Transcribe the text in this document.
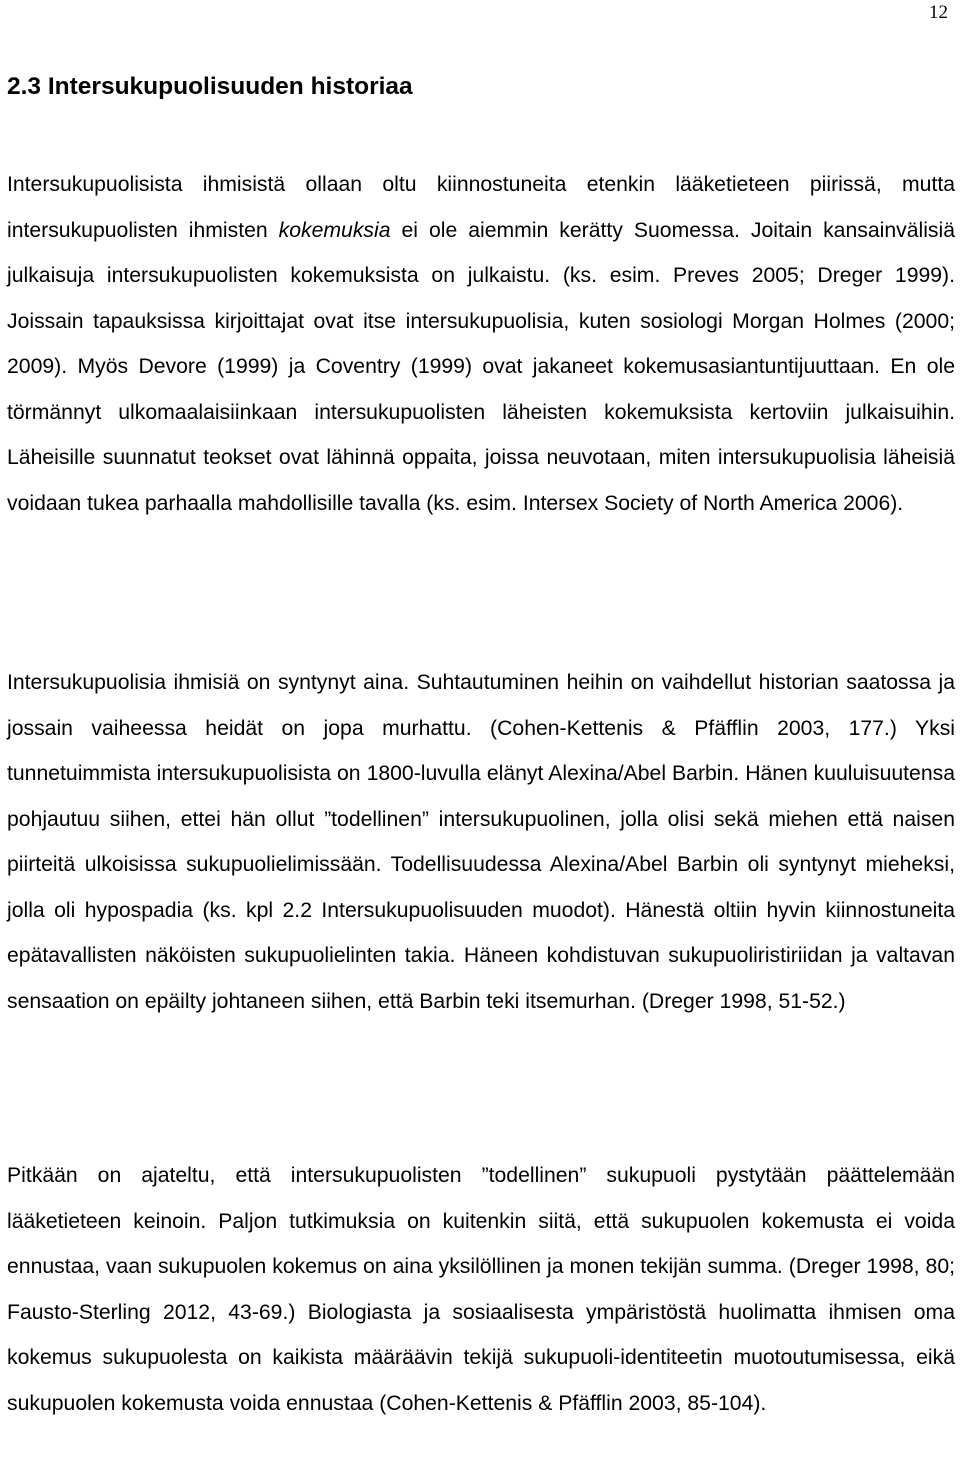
12
2.3 Intersukupuolisuuden historiaa

Intersukupuolisista ihmisistä ollaan oltu kiinnostuneita etenkin lääketieteen piirissä, mutta intersukupuolisten ihmisten kokemuksia ei ole aiemmin kerätty Suomessa. Joitain kansainvälisiä julkaisuja intersukupuolisten kokemuksista on julkaistu. (ks. esim. Preves 2005; Dreger 1999). Joissain tapauksissa kirjoittajat ovat itse intersukupuolisia, kuten sosiologi Morgan Holmes (2000; 2009). Myös Devore (1999) ja Coventry (1999) ovat jakaneet kokemusasiantuntijuuttaan. En ole törmännyt ulkomaalaisiinkaan intersukupuolisten läheisten kokemuksista kertoviin julkaisuihin. Läheisille suunnatut teokset ovat lähinnä oppaita, joissa neuvotaan, miten intersukupuolisia läheisiä voidaan tukea parhaalla mahdollisille tavalla (ks. esim. Intersex Society of North America 2006).

Intersukupuolisia ihmisiä on syntynyt aina. Suhtautuminen heihin on vaihdellut historian saatossa ja jossain vaiheessa heidät on jopa murhattu. (Cohen-Kettenis & Pfäfflin 2003, 177.) Yksi tunnetuimmista intersukupuolisista on 1800-luvulla elänyt Alexina/Abel Barbin. Hänen kuuluisuutensa pohjautuu siihen, ettei hän ollut ”todellinen” intersukupuolinen, jolla olisi sekä miehen että naisen piirteitä ulkoisissa sukupuolielimissään. Todellisuudessa Alexina/Abel Barbin oli syntynyt mieheksi, jolla oli hypospadia (ks. kpl 2.2 Intersukupuolisuuden muodot). Hänestä oltiin hyvin kiinnostuneita epätavallisten näköisten sukupuolielinten takia. Häneen kohdistuvan sukupuoliristiriidan ja valtavan sensaation on epäilty johtaneen siihen, että Barbin teki itsemurhan. (Dreger 1998, 51-52.)

Pitkään on ajateltu, että intersukupuolisten ”todellinen” sukupuoli pystytään päättelemään lääketieteen keinoin. Paljon tutkimuksia on kuitenkin siitä, että sukupuolen kokemusta ei voida ennustaa, vaan sukupuolen kokemus on aina yksilöllinen ja monen tekijän summa. (Dreger 1998, 80; Fausto-Sterling 2012, 43-69.) Biologiasta ja sosiaalisesta ympäristöstä huolimatta ihmisen oma kokemus sukupuolesta on kaikista määräävin tekijä sukupuoli-identiteetin muotoutumisessa, eikä sukupuolen kokemusta voida ennustaa (Cohen-Kettenis & Pfäfflin 2003, 85-104).
